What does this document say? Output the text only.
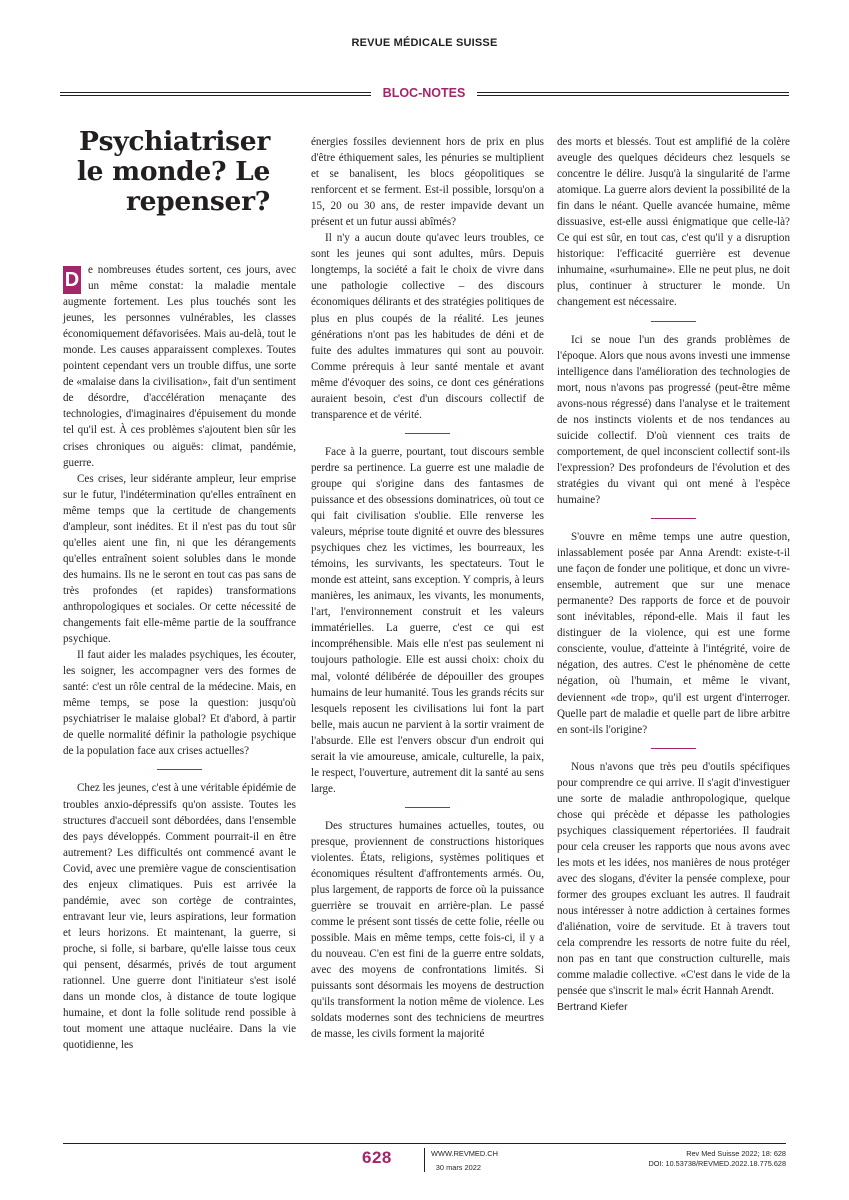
REVUE MÉDICALE SUISSE
BLOC-NOTES
Psychiatriser le monde? Le repenser?
D e nombreuses études sortent, ces jours, avec un même constat: la maladie mentale augmente fortement. Les plus touchés sont les jeunes, les personnes vulnérables, les classes économiquement défavorisées. Mais au-delà, tout le monde. Les causes apparaissent complexes. Toutes pointent cependant vers un trouble diffus, une sorte de «malaise dans la civilisation», fait d'un sentiment de désordre, d'accélération menaçante des technologies, d'imaginaires d'épuisement du monde tel qu'il est. À ces problèmes s'ajoutent bien sûr les crises chroniques ou aiguës: climat, pandémie, guerre.

Ces crises, leur sidérante ampleur, leur emprise sur le futur, l'indétermination qu'elles entraînent en même temps que la certitude de changements d'ampleur, sont inédites. Et il n'est pas du tout sûr qu'elles aient une fin, ni que les dérangements qu'elles entraînent soient solubles dans le monde des humains. Ils ne le seront en tout cas pas sans de très profondes (et rapides) transformations anthropologiques et sociales. Or cette nécessité de changements fait elle-même partie de la souffrance psychique.

Il faut aider les malades psychiques, les écouter, les soigner, les accompagner vers des formes de santé: c'est un rôle central de la médecine. Mais, en même temps, se pose la question: jusqu'où psychiatriser le malaise global? Et d'abord, à partir de quelle normalité définir la pathologie psychique de la population face aux crises actuelles?

Chez les jeunes, c'est à une véritable épidémie de troubles anxio-dépressifs qu'on assiste. Toutes les structures d'accueil sont débordées, dans l'ensemble des pays développés. Comment pourrait-il en être autrement? Les difficultés ont commencé avant le Covid, avec une première vague de conscientisation des enjeux climatiques. Puis est arrivée la pandémie, avec son cortège de contraintes, entravant leur vie, leurs aspirations, leur formation et leurs horizons. Et maintenant, la guerre, si proche, si folle, si barbare, qu'elle laisse tous ceux qui pensent, désarmés, privés de tout argument rationnel. Une guerre dont l'initiateur s'est isolé dans un monde clos, à distance de toute logique humaine, et dont la folle solitude rend possible à tout moment une attaque nucléaire. Dans la vie quotidienne, les

énergies fossiles deviennent hors de prix en plus d'être éthiquement sales, les pénuries se multiplient et se banalisent, les blocs géopolitiques se renforcent et se ferment. Est-il possible, lorsqu'on a 15, 20 ou 30 ans, de rester impavide devant un présent et un futur aussi abîmés?

Il n'y a aucun doute qu'avec leurs troubles, ce sont les jeunes qui sont adultes, mûrs. Depuis longtemps, la société a fait le choix de vivre dans une pathologie collective – des discours économiques délirants et des stratégies politiques de plus en plus coupés de la réalité. Les jeunes générations n'ont pas les habitudes de déni et de fuite des adultes immatures qui sont au pouvoir. Comme prérequis à leur santé mentale et avant même d'évoquer des soins, ce dont ces générations auraient besoin, c'est d'un discours collectif de transparence et de vérité.

Face à la guerre, pourtant, tout discours semble perdre sa pertinence. La guerre est une maladie de groupe qui s'origine dans des fantasmes de puissance et des obsessions dominatrices, où tout ce qui fait civilisation s'oublie. Elle renverse les valeurs, méprise toute dignité et ouvre des blessures psychiques chez les victimes, les bourreaux, les témoins, les survivants, les spectateurs. Tout le monde est atteint, sans exception. Y compris, à leurs manières, les animaux, les vivants, les monuments, l'art, l'environnement construit et les valeurs immatérielles. La guerre, c'est ce qui est incompréhensible. Mais elle n'est pas seulement ni toujours pathologie. Elle est aussi choix: choix du mal, volonté délibérée de dépouiller des groupes humains de leur humanité. Tous les grands récits sur lesquels reposent les civilisations lui font la part belle, mais aucun ne parvient à la sortir vraiment de l'absurde. Elle est l'envers obscur d'un endroit qui serait la vie amoureuse, amicale, culturelle, la paix, le respect, l'ouverture, autrement dit la santé au sens large.

Des structures humaines actuelles, toutes, ou presque, proviennent de constructions historiques violentes. États, religions, systèmes politiques et économiques résultent d'affrontements armés. Ou, plus largement, de rapports de force où la puissance guerrière se trouvait en arrière-plan. Le passé comme le présent sont tissés de cette folie, réelle ou possible. Mais en même temps, cette fois-ci, il y a du nouveau. C'en est fini de la guerre entre soldats, avec des moyens de confrontations limités. Si puissants sont désormais les moyens de destruction qu'ils transforment la notion même de violence. Les soldats modernes sont des techniciens de meurtres de masse, les civils forment la majorité

des morts et blessés. Tout est amplifié de la colère aveugle des quelques décideurs chez lesquels se concentre le délire. Jusqu'à la singularité de l'arme atomique. La guerre alors devient la possibilité de la fin dans le néant. Quelle avancée humaine, même dissuasive, est-elle aussi énigmatique que celle-là? Ce qui est sûr, en tout cas, c'est qu'il y a disruption historique: l'efficacité guerrière est devenue inhumaine, «surhumaine». Elle ne peut plus, ne doit plus, continuer à structurer le monde. Un changement est nécessaire.

Ici se noue l'un des grands problèmes de l'époque. Alors que nous avons investi une immense intelligence dans l'amélioration des technologies de mort, nous n'avons pas progressé (peut-être même avons-nous régressé) dans l'analyse et le traitement de nos instincts violents et de nos tendances au suicide collectif. D'où viennent ces traits de comportement, de quel inconscient collectif sont-ils l'expression? Des profondeurs de l'évolution et des stratégies du vivant qui ont mené à l'espèce humaine?

S'ouvre en même temps une autre question, inlassablement posée par Anna Arendt: existe-t-il une façon de fonder une politique, et donc un vivre-ensemble, autrement que sur une menace permanente? Des rapports de force et de pouvoir sont inévitables, répond-elle. Mais il faut les distinguer de la violence, qui est une forme consciente, voulue, d'atteinte à l'intégrité, voire de négation, des autres. C'est le phénomène de cette négation, où l'humain, et même le vivant, deviennent «de trop», qu'il est urgent d'interroger. Quelle part de maladie et quelle part de libre arbitre en sont-ils l'origine?

Nous n'avons que très peu d'outils spécifiques pour comprendre ce qui arrive. Il s'agit d'investiguer une sorte de maladie anthropologique, quelque chose qui précède et dépasse les pathologies psychiques classiquement répertoriées. Il faudrait pour cela creuser les rapports que nous avons avec les mots et les idées, nos manières de nous protéger avec des slogans, d'éviter la pensée complexe, pour former des groupes excluant les autres. Il faudrait nous intéresser à notre addiction à certaines formes d'aliénation, voire de servitude. Et à travers tout cela comprendre les ressorts de notre fuite du réel, non pas en tant que construction culturelle, mais comme maladie collective. «C'est dans le vide de la pensée que s'inscrit le mal» écrit Hannah Arendt.

Bertrand Kiefer

628	WWW.REVMED.CH
30 mars 2022
Rev Med Suisse 2022; 18: 628
DOI: 10.53738/REVMED.2022.18.775.628
